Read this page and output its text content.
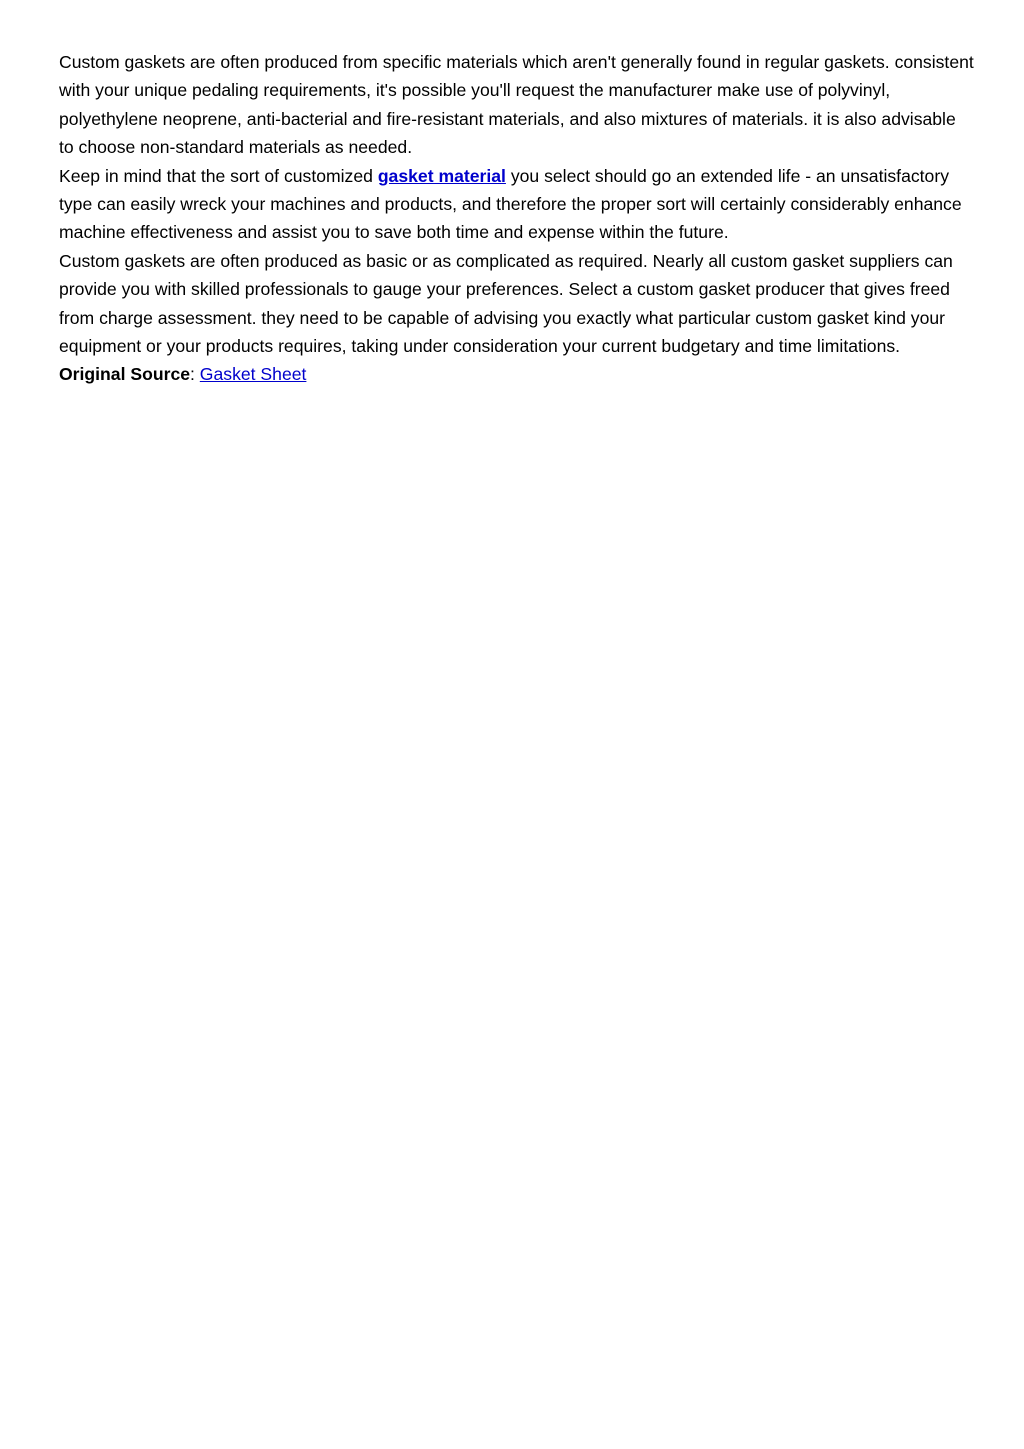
Custom gaskets are often produced from specific materials which aren't generally found in regular gaskets. consistent with your unique pedaling requirements, it's possible you'll request the manufacturer make use of polyvinyl, polyethylene neoprene, anti-bacterial and fire-resistant materials, and also mixtures of materials. it is also advisable to choose non-standard materials as needed.

Keep in mind that the sort of customized gasket material you select should go an extended life - an unsatisfactory type can easily wreck your machines and products, and therefore the proper sort will certainly considerably enhance machine effectiveness and assist you to save both time and expense within the future.

Custom gaskets are often produced as basic or as complicated as required. Nearly all custom gasket suppliers can provide you with skilled professionals to gauge your preferences. Select a custom gasket producer that gives freed from charge assessment. they need to be capable of advising you exactly what particular custom gasket kind your equipment or your products requires, taking under consideration your current budgetary and time limitations.

Original Source: Gasket Sheet
